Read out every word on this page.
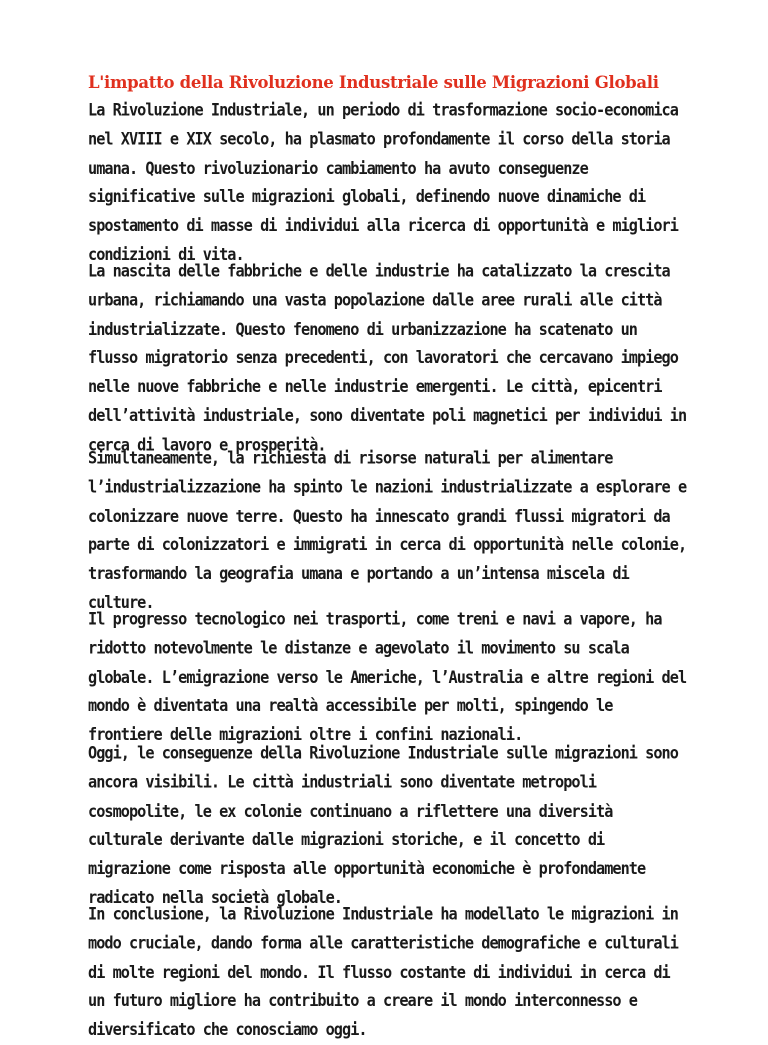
L'impatto della Rivoluzione Industriale sulle Migrazioni Globali

La Rivoluzione Industriale, un periodo di trasformazione socio-economica nel XVIII e XIX secolo, ha plasmato profondamente il corso della storia umana. Questo rivoluzionario cambiamento ha avuto conseguenze significative sulle migrazioni globali, definendo nuove dinamiche di spostamento di masse di individui alla ricerca di opportunità e migliori condizioni di vita.

La nascita delle fabbriche e delle industrie ha catalizzato la crescita urbana, richiamando una vasta popolazione dalle aree rurali alle città industrializzate. Questo fenomeno di urbanizzazione ha scatenato un flusso migratorio senza precedenti, con lavoratori che cercavano impiego nelle nuove fabbriche e nelle industrie emergenti. Le città, epicentri dell’attività industriale, sono diventate poli magnetici per individui in cerca di lavoro e prosperità.

Simultaneamente, la richiesta di risorse naturali per alimentare l’industrializzazione ha spinto le nazioni industrializzate a esplorare e colonizzare nuove terre. Questo ha innescato grandi flussi migratori da parte di colonizzatori e immigrati in cerca di opportunità nelle colonie, trasformando la geografia umana e portando a un’intensa miscela di culture.

Il progresso tecnologico nei trasporti, come treni e navi a vapore, ha ridotto notevolmente le distanze e agevolato il movimento su scala globale. L’emigrazione verso le Americhe, l’Australia e altre regioni del mondo è diventata una realtà accessibile per molti, spingendo le frontiere delle migrazioni oltre i confini nazionali.

Oggi, le conseguenze della Rivoluzione Industriale sulle migrazioni sono ancora visibili. Le città industriali sono diventate metropoli cosmopolite, le ex colonie continuano a riflettere una diversità culturale derivante dalle migrazioni storiche, e il concetto di migrazione come risposta alle opportunità economiche è profondamente radicato nella società globale.

In conclusione, la Rivoluzione Industriale ha modellato le migrazioni in modo cruciale, dando forma alle caratteristiche demografiche e culturali di molte regioni del mondo. Il flusso costante di individui in cerca di un futuro migliore ha contribuito a creare il mondo interconnesso e diversificato che conosciamo oggi.
